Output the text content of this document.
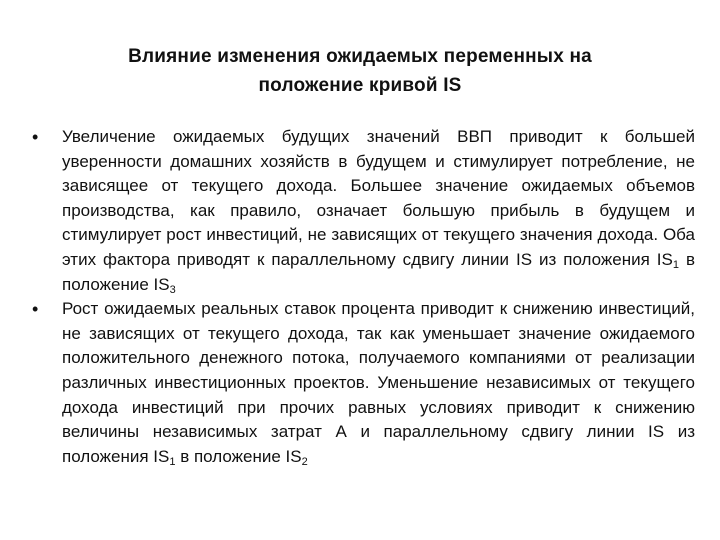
Влияние изменения ожидаемых переменных на
положение кривой IS
• Увеличение ожидаемых будущих значений ВВП приводит к большей уверенности домашних хозяйств в будущем и стимулирует потребление, не зависящее от текущего дохода. Большее значение ожидаемых объемов производства, как правило, означает большую прибыль в будущем и стимулирует рост инвестиций, не зависящих от текущего значения дохода. Оба этих фактора приводят к параллельному сдвигу линии IS из положения $IS_1$ в положение $IS_3$
• Рост ожидаемых реальных ставок процента приводит к снижению инвестиций, не зависящих от текущего дохода, так как уменьшает значение ожидаемого положительного денежного потока, получаемого компаниями от реализации различных инвестиционных проектов. Уменьшение независимых от текущего дохода инвестиций при прочих равных условиях приводит к снижению величины независимых затрат А и параллельному сдвигу линии IS из положения $IS_1$ в положение $IS_2$
